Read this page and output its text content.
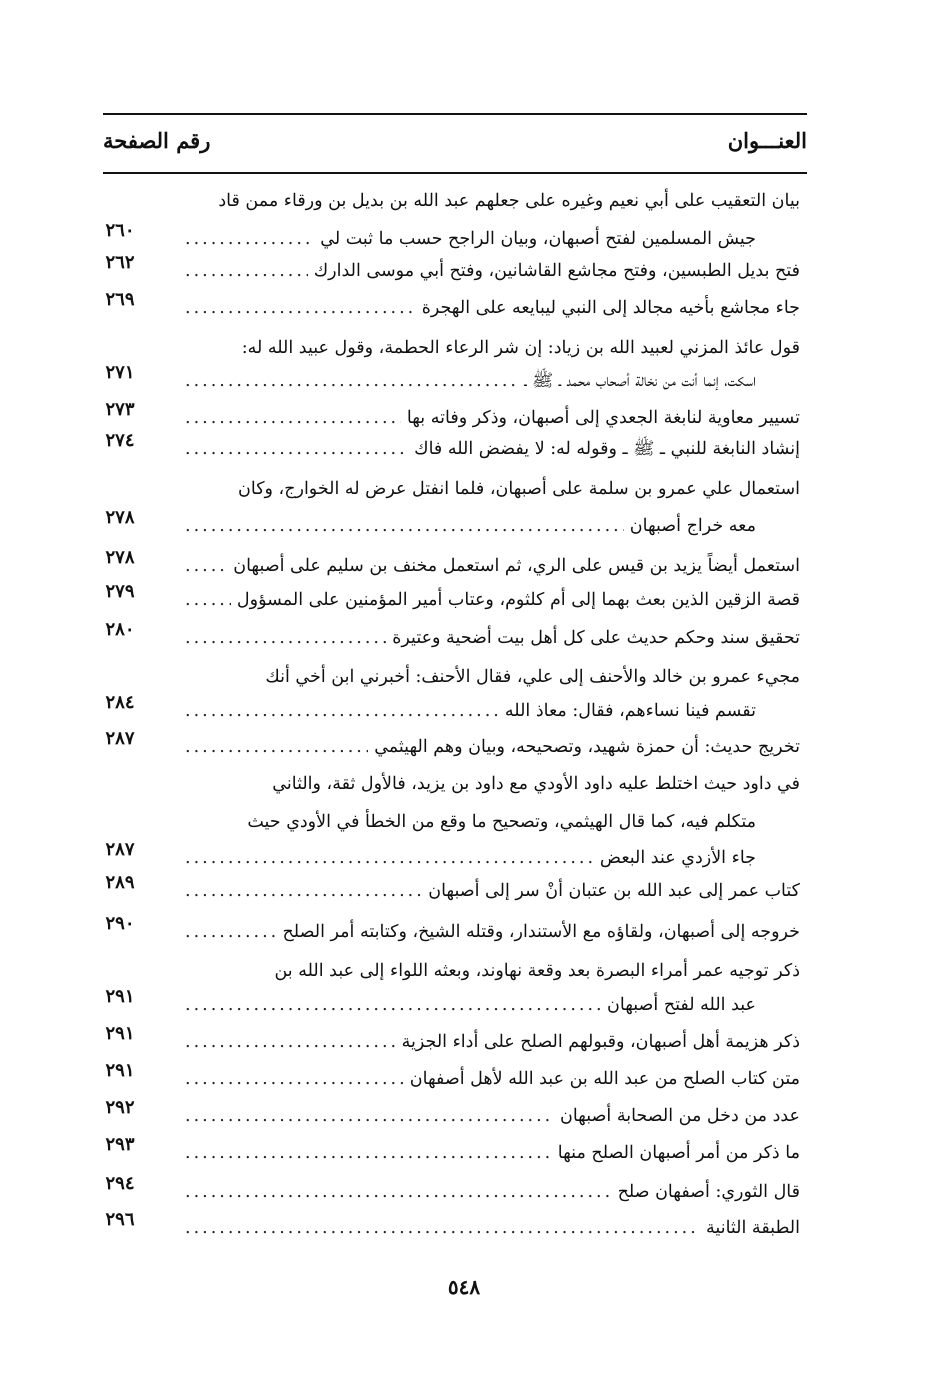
العنـــوان
رقم الصفحة
بيان التعقيب على أبي نعيم وغيره على جعلهم عبد الله بن بديل بن ورقاء ممن قاد
..... جيش المسلمين لفتح أصبهان، وبيان الراجح حسب ما ثبت لي
٢٦٠
..... فتح بديل الطبسين، وفتح مجاشع القاشانين، وفتح أبي موسى الدارك
٢٦٢
..... جاء مجاشع بأخيه مجالد إلى النبي ليبايعه على الهجرة
٢٦٩
قول عائذ المزني لعبيد الله بن زياد: إن شر الرعاء الحطمة، وقول عبيد الله له:
..... اسكت، إنما أنت من نخالة أصحاب محمد ـ ﷺ ـ
٢٧١
..... تسيير معاوية لنابغة الجعدي إلى أصبهان، وذكر وفاته بها
٢٧٣
..... إنشاد النابغة للنبي ـ ﷺ ـ وقوله له: لا يفضض الله فاك
٢٧٤
استعمال علي عمرو بن سلمة على أصبهان، فلما انفتل عرض له الخوارج، وكان
..... معه خراج أصبهان
٢٧٨
..... استعمل أيضاً يزيد بن قيس على الري، ثم استعمل مخنف بن سليم على أصبهان
٢٧٨
..... قصة الزقين الذين بعث بهما إلى أم كلثوم، وعتاب أمير المؤمنين على المسؤول
٢٧٩
..... تحقيق سند وحكم حديث على كل أهل بيت أضحية وعتيرة
٢٨٠
مجيء عمرو بن خالد والأحنف إلى علي، فقال الأحنف: أخبرني ابن أخي أنك
..... تقسم فينا نساءهم، فقال: معاذ الله
٢٨٤
..... تخريج حديث: أن حمزة شهيد، وتصحيحه، وبيان وهم الهيثمي
٢٨٧
في داود حيث اختلط عليه داود الأودي مع داود بن يزيد، فالأول ثقة، والثاني
متكلم فيه، كما قال الهيثمي، وتصحيح ما وقع من الخطأ في الأودي حيث
..... جاء الأزدي عند البعض
٢٨٧
..... كتاب عمر إلى عبد الله بن عتبان أنْ سر إلى أصبهان
٢٨٩
..... خروجه إلى أصبهان، ولقاؤه مع الأستندار، وقتله الشيخ، وكتابته أمر الصلح
٢٩٠
ذكر توجيه عمر أمراء البصرة بعد وقعة نهاوند، وبعثه اللواء إلى عبد الله بن
..... عبد الله لفتح أصبهان
٢٩١
..... ذكر هزيمة أهل أصبهان، وقبولهم الصلح على أداء الجزية
٢٩١
..... متن كتاب الصلح من عبد الله بن عبد الله لأهل أصفهان
٢٩١
..... عدد من دخل من الصحابة أصبهان
٢٩٢
..... ما ذكر من أمر أصبهان الصلح منها
٢٩٣
..... قال الثوري: أصفهان صلح
٢٩٤
..... الطبقة الثانية
٢٩٦
٥٤٨
